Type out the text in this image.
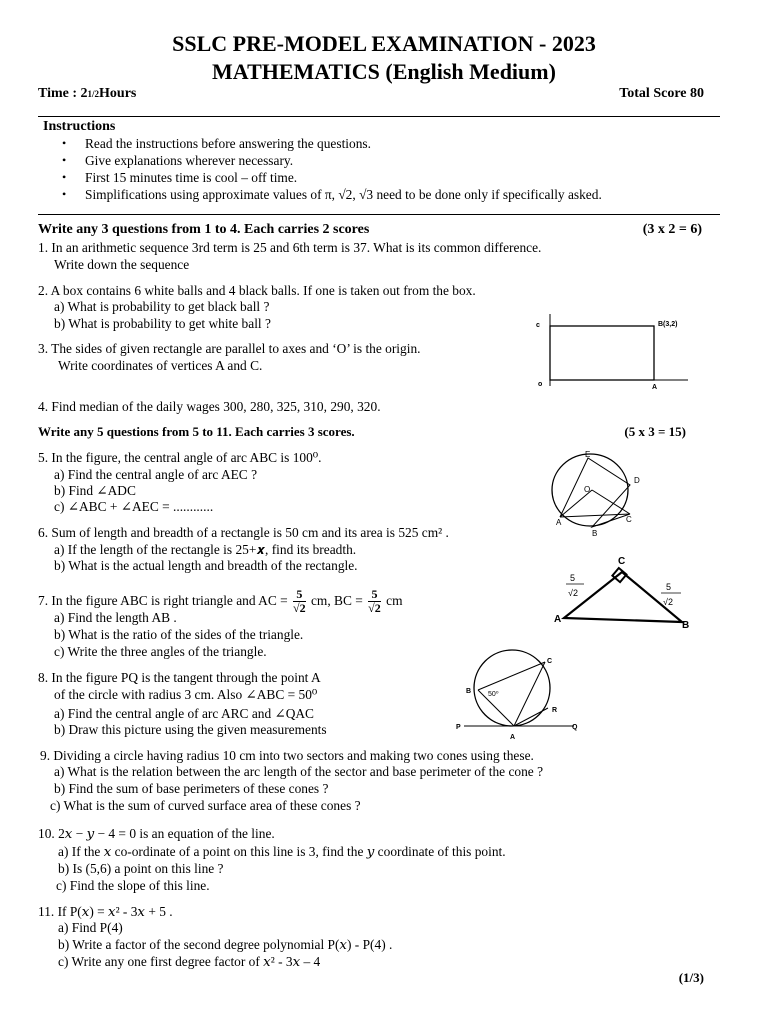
SSLC PRE-MODEL EXAMINATION - 2023
MATHEMATICS (English Medium)
Time : 21/2Hours	Total Score 80
Instructions
• Read the instructions before answering the questions.
• Give explanations wherever necessary.
• First 15 minutes time is cool – off time.
• Simplifications using approximate values of π, √2, √3 need to be done only if specifically asked.
Write any 3 questions from 1 to 4. Each carries 2 scores	(3 x 2 = 6)
1. In an arithmetic sequence 3rd term is 25 and 6th term is 37. What is its common difference.
Write down the sequence
2. A box contains 6 white balls and 4 black balls. If one is taken out from the box.
a) What is probability to get black ball ?
b) What is probability to get white ball ?
3. The sides of given rectangle are parallel to axes and ‘O’ is the origin.
Write coordinates of vertices A and C.
c	B(3,2)
o	A
4. Find median of the daily wages 300, 280, 325, 310, 290, 320.
Write any 5 questions from 5 to 11. Each carries 3 scores.	(5 x 3 = 15)
5. In the figure, the central angle of arc ABC is 100⁰.
a) Find the central angle of arc AEC ?
b) Find ∠ADC
c) ∠ABC + ∠AEC = ............
E
D
O
A	C
B
6. Sum of length and breadth of a rectangle is 50 cm and its area is 525 cm² .
a) If the length of the rectangle is 25+𝒙, find its breadth.
b) What is the actual length and breadth of the rectangle.
7. In the figure ABC is right triangle and AC = $\frac{5}{√2}$ cm, BC = $\frac{5}{√2}$ cm
a) Find the length AB .
b) What is the ratio of the sides of the triangle.
c) Write the three angles of the triangle.
C
A
B
5
√2
5
√2
8. In the figure PQ is the tangent through the point A
of the circle with radius 3 cm. Also ∠ABC = 50⁰
a) Find the central angle of arc ARC and ∠QAC
b) Draw this picture using the given measurements
B
C
R
P
A
Q
50⁰
9. Dividing a circle having radius 10 cm into two sectors and making two cones using these.
a) What is the relation between the arc length of the sector and base perimeter of the cone ?
b) Find the sum of base perimeters of these cones ?
c) What is the sum of curved surface area of these cones ?
10. 2𝑥 − 𝑦 − 4 = 0 is an equation of the line.
a) If the 𝑥 co-ordinate of a point on this line is 3, find the 𝑦 coordinate of this point.
b) Is (5,6) a point on this line ?
c) Find the slope of this line.
11. If P(𝑥) = 𝑥² - 3𝑥 + 5 .
a) Find P(4)
b) Write a factor of the second degree polynomial P(𝑥) - P(4) .
c) Write any one first degree factor of 𝑥² - 3𝑥 – 4
(1/3)
